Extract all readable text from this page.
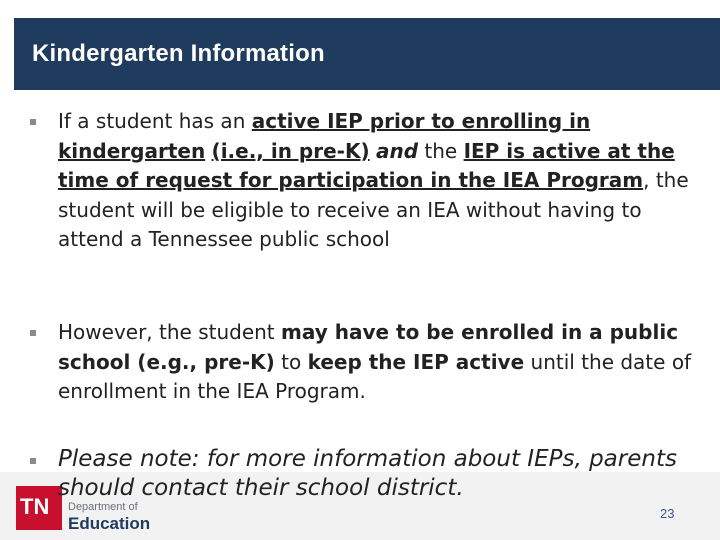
Kindergarten Information
TN Department of
Education
If a student has an active IEP prior to enrolling in kindergarten (i.e., in pre-K) and the IEP is active at the time of request for participation in the IEA Program, the student will be eligible to receive an IEA without having to attend a Tennessee public school
However, the student may have to be enrolled in a public school (e.g., pre-K) to keep the IEP active until the date of enrollment in the IEA Program.
Please note: for more information about IEPs, parents should contact their school district.
23
